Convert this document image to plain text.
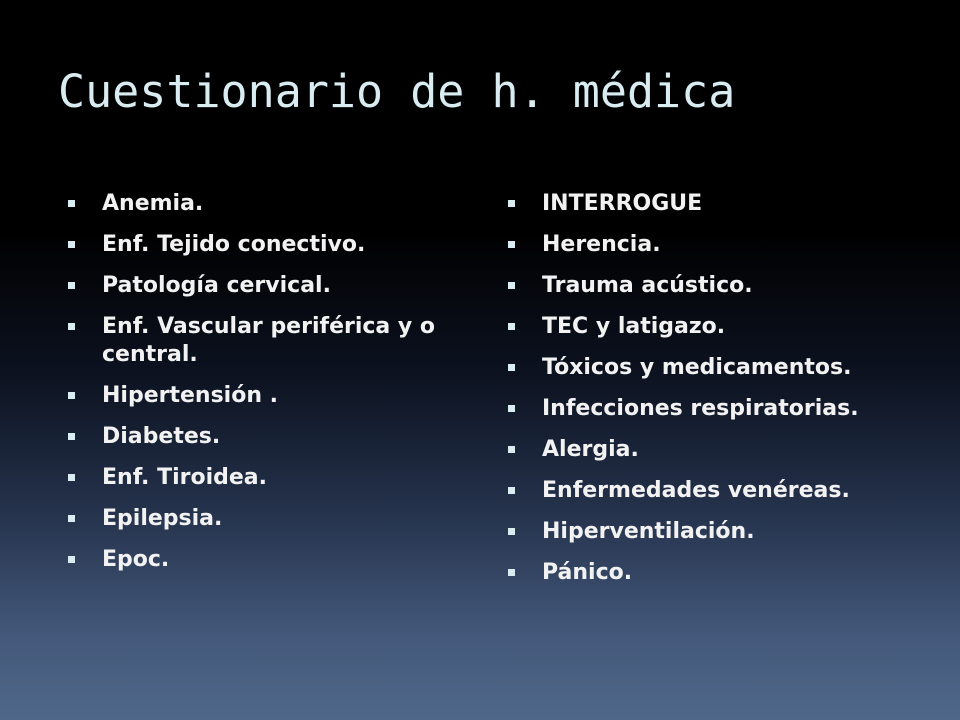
Cuestionario de h. médica
Anemia.
Enf. Tejido conectivo.
Patología cervical.
Enf. Vascular periférica y o central.
Hipertensión .
Diabetes.
Enf. Tiroidea.
Epilepsia.
Epoc.
INTERROGUE
Herencia.
Trauma acústico.
TEC y latigazo.
Tóxicos y medicamentos.
Infecciones respiratorias.
Alergia.
Enfermedades venéreas.
Hiperventilación.
Pánico.
